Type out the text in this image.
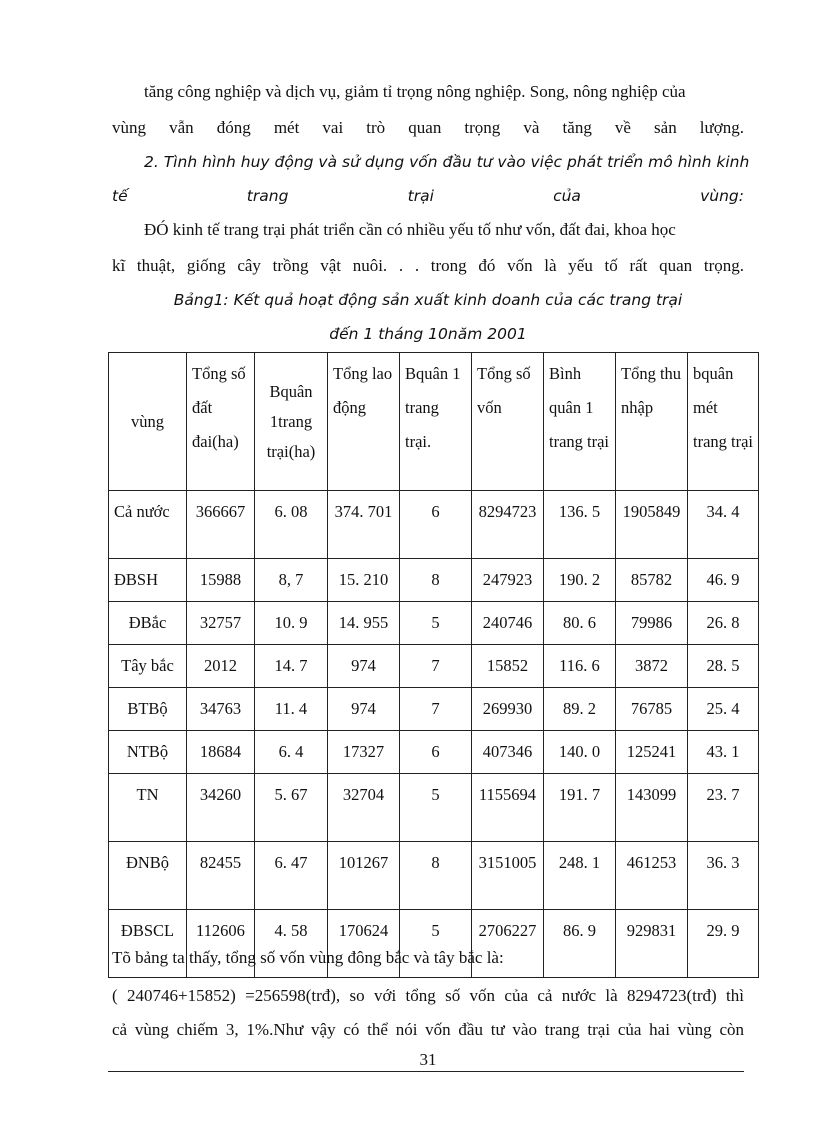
tăng công nghiệp và dịch vụ, giảm tỉ trọng nông nghiệp. Song, nông nghiệp của
vùng vẫn đóng mét vai trò quan trọng và tăng về sản lượng.
2. Tình hình huy động và sử dụng vốn đầu tư vào việc phát triển mô hình kinh
tế trang trại của vùng:
ĐÓ kinh tế trang trại phát triển cần có nhiều yếu tố như vốn, đất đai, khoa học
kĩ thuật, giống cây trồng vật nuôi. . . trong đó vốn là yếu tố rất quan trọng.
Bảng1: Kết quả hoạt động sản xuất kinh doanh của các trang trại
đến 1 tháng 10năm 2001
vùng	Tổng số đất đai(ha)	Bquân 1trang trại(ha)	Tổng lao động	Bquân 1 trang trại.	Tổng số vốn	Bình quân 1 trang trại	Tổng thu nhập	bquân mét trang trại
Cả nước	366667	6. 08	374. 701	6	8294723	136. 5	1905849	34. 4
ĐBSH	15988	8, 7	15. 210	8	247923	190. 2	85782	46. 9
ĐBắc	32757	10. 9	14. 955	5	240746	80. 6	79986	26. 8
Tây bắc	2012	14. 7	974	7	15852	116. 6	3872	28. 5
BTBộ	34763	11. 4	974	7	269930	89. 2	76785	25. 4
NTBộ	18684	6. 4	17327	6	407346	140. 0	125241	43. 1
TN	34260	5. 67	32704	5	1155694	191. 7	143099	23. 7
ĐNBộ	82455	6. 47	101267	8	3151005	248. 1	461253	36. 3
ĐBSCL	112606	4. 58	170624	5	2706227	86. 9	929831	29. 9
Tõ bảng ta thấy, tổng số vốn vùng đông bắc và tây bắc là:
( 240746+15852) =256598(trđ), so với tổng số vốn của cả nước là 8294723(trđ) thì
cả vùng chiếm 3, 1%.Như vậy có thể nói vốn đầu tư vào trang trại của hai vùng còn
31
